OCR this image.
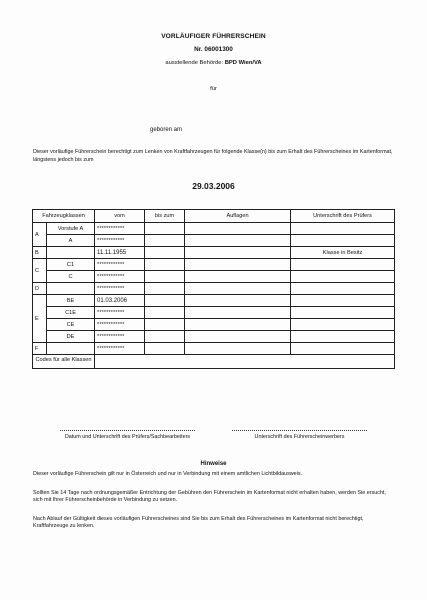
VORLÄUFIGER FÜHRERSCHEIN
Nr. 06001300
ausstellende Behörde: BPD Wien/VA
für
geboren am
Dieser vorläufige Führerschein berechtigt zum Lenken von Kraftfahrzeugen für folgende Klasse(n) bis zum Erhalt des Führerscheines im Kartenformat, längstens jedoch bis zum
29.03.2006
Fahrzeugklassen		vom	bis zum	Auflagen	Unterschrift des Prüfers
A	Vorstufe A	************			
	A	************			
B		11.11.1955			Klasse in Besitz
C	C1	************			
	C	************			
D		************			
E	BE	01.03.2006			
	C1E	************			
	CE	************			
	DE	************			
F		************			
Codes für alle Klassen					
Datum und Unterschrift des Prüfers/Sachbearbeiters	Unterschrift des Führerscheinwerbers
Hinweise
Dieser vorläufige Führerschein gilt nur in Österreich und nur in Verbindung mit einem amtlichen Lichtbildausweis.
Sollten Sie 14 Tage nach ordnungsgemäßer Entrichtung der Gebühren den Führerschein im Kartenformat nicht erhalten haben, werden Sie ersucht, sich mit Ihrer Führerscheinbehörde in Verbindung zu setzen.
Nach Ablauf der Gültigkeit dieses vorläufigen Führerscheines sind Sie bis zum Erhalt des Führerscheines im Kartenformat nicht berechtigt, Kraftfahrzeuge zu lenken.
